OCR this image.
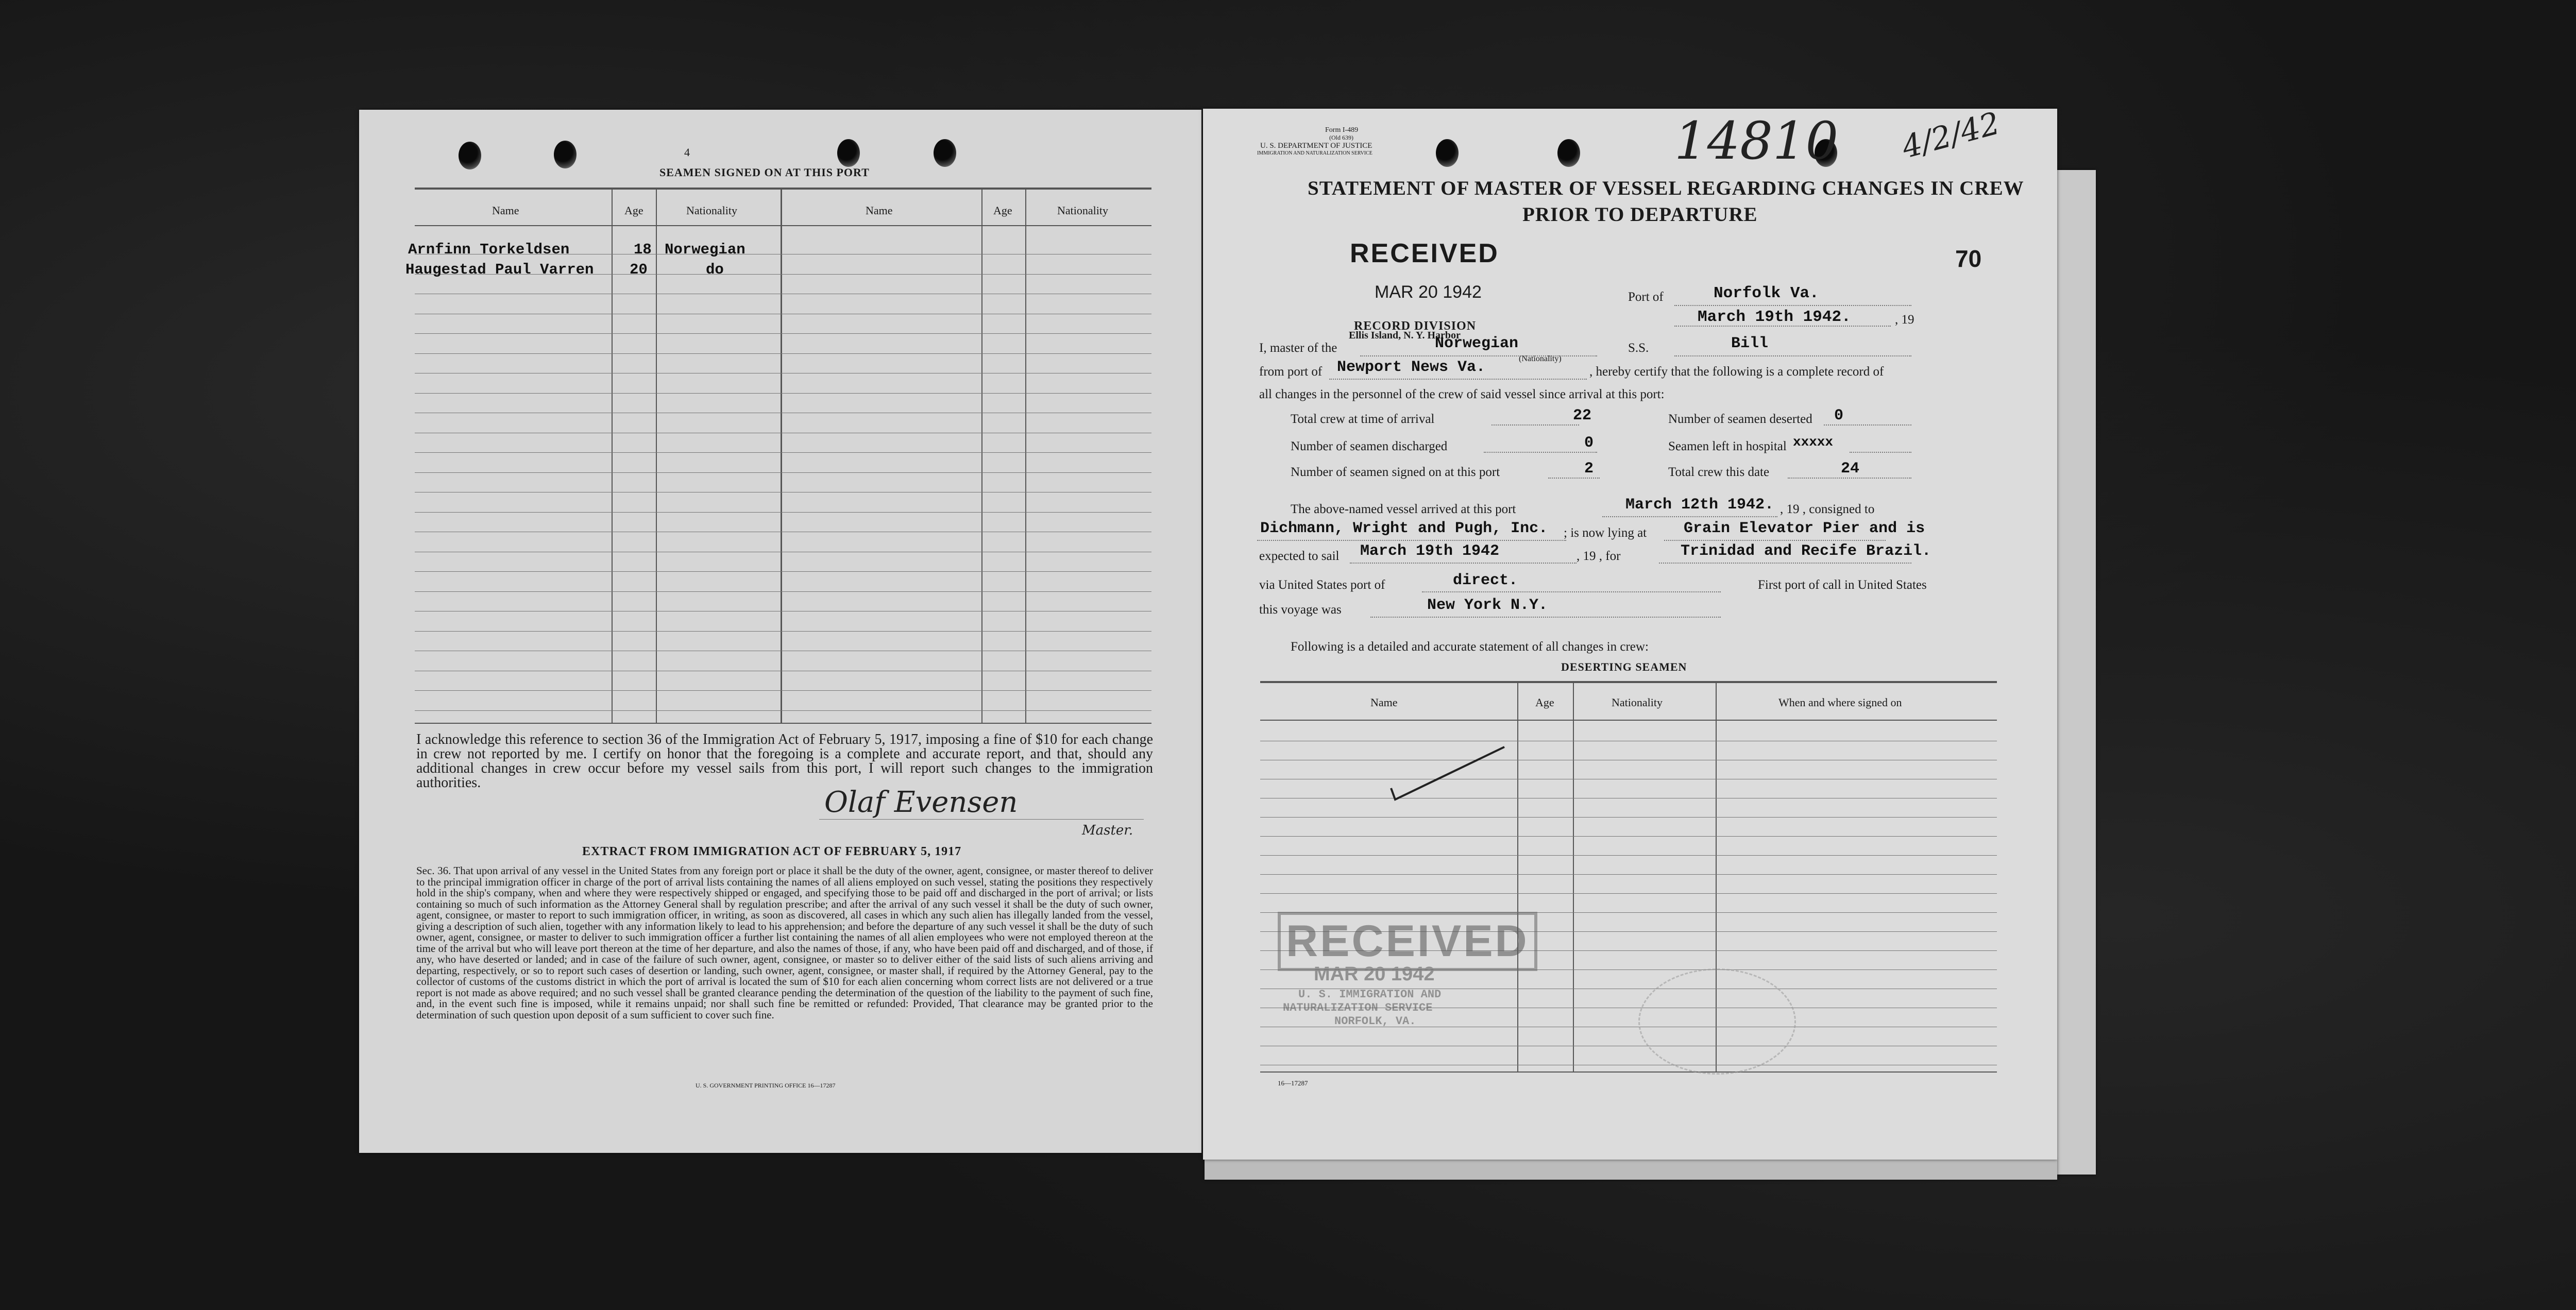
4
SEAMEN SIGNED ON AT THIS PORT
Name	Age	Nationality	Name	Age	Nationality
Arnfinn Torkeldsen	18 Norwegian
Haugestad Paul Varren 20	do
I acknowledge this reference to section 36 of the Immigration Act of February 5, 1917, imposing a fine of $10 for each change in crew not reported by me. I certify on honor that the foregoing is a complete and accurate report, and that, should any additional changes in crew occur before my vessel sails from this port, I will report such changes to the immigration authorities.
Olaf Evensen
Master.
EXTRACT FROM IMMIGRATION ACT OF FEBRUARY 5, 1917
Sec. 36. That upon arrival of any vessel in the United States from any foreign port or place it shall be the duty of the owner, agent, consignee, or master thereof to deliver to the principal immigration officer in charge of the port of arrival lists containing the names of all aliens employed on such vessel, stating the positions they respectively hold in the ship's company, when and where they were respectively shipped or engaged, and specifying those to be paid off and discharged in the port of arrival; or lists containing so much of such information as the Attorney General shall by regulation prescribe; and after the arrival of any such vessel it shall be the duty of such owner, agent, consignee, or master to report to such immigration officer, in writing, as soon as discovered, all cases in which any such alien has illegally landed from the vessel, giving a description of such alien, together with any information likely to lead to his apprehension; and before the departure of any such vessel it shall be the duty of such owner, agent, consignee, or master to deliver to such immigration officer a further list containing the names of all alien employees who were not employed thereon at the time of the arrival but who will leave port thereon at the time of her departure, and also the names of those, if any, who have been paid off and discharged, and of those, if any, who have deserted or landed; and in case of the failure of such owner, agent, consignee, or master so to deliver either of the said lists of such aliens arriving and departing, respectively, or so to report such cases of desertion or landing, such owner, agent, consignee, or master shall, if required by the Attorney General, pay to the collector of customs of the customs district in which the port of arrival is located the sum of $10 for each alien concerning whom correct lists are not delivered or a true report is not made as above required; and no such vessel shall be granted clearance pending the determination of the question of the liability to the payment of such fine, and, in the event such fine is imposed, while it remains unpaid; nor shall such fine be remitted or refunded: Provided, That clearance may be granted prior to the determination of such question upon deposit of a sum sufficient to cover such fine.
U. S. GOVERNMENT PRINTING OFFICE 16—17287
Form I-489
(Old 639)
U. S. DEPARTMENT OF JUSTICE
IMMIGRATION AND NATURALIZATION SERVICE	14810 4/2/42
STATEMENT OF MASTER OF VESSEL REGARDING CHANGES IN CREW
PRIOR TO DEPARTURE
RECEIVED
MAR 20 1942
RECORD DIVISION
Ellis Island, N. Y. Harbor
70
Port of	Norfolk Va.
March 19th 1942.	, 19
I, master of the	Norwegian
(Nationality)
S.S.	Bill
from port of Newport News Va.	, hereby certify that the following is a complete record of
all changes in the personnel of the crew of said vessel since arrival at this port:
Total crew at time of arrival	22	Number of seamen deserted 0
Number of seamen discharged	0	Seamen left in hospital xxxxx
Number of seamen signed on at this port	2	Total crew this date	24
The above-named vessel arrived at this port	March 12th 1942. , 19 , consigned to
Dichmann, Wright and Pugh, Inc. ; is now lying at Grain Elevator Pier and is
expected to sail March 19th 1942	, 19 , for	Trinidad and Recife Brazil.
via United States port of	direct.	First port of call in United States
this voyage was	New York N.Y.
Following is a detailed and accurate statement of all changes in crew:
DESERTING SEAMEN
Name	Age	Nationality	When and where signed on
RECEIVED
MAR 20 1942
U. S. IMMIGRATION AND
NATURALIZATION SERVICE
NORFOLK, VA.
16—17287
